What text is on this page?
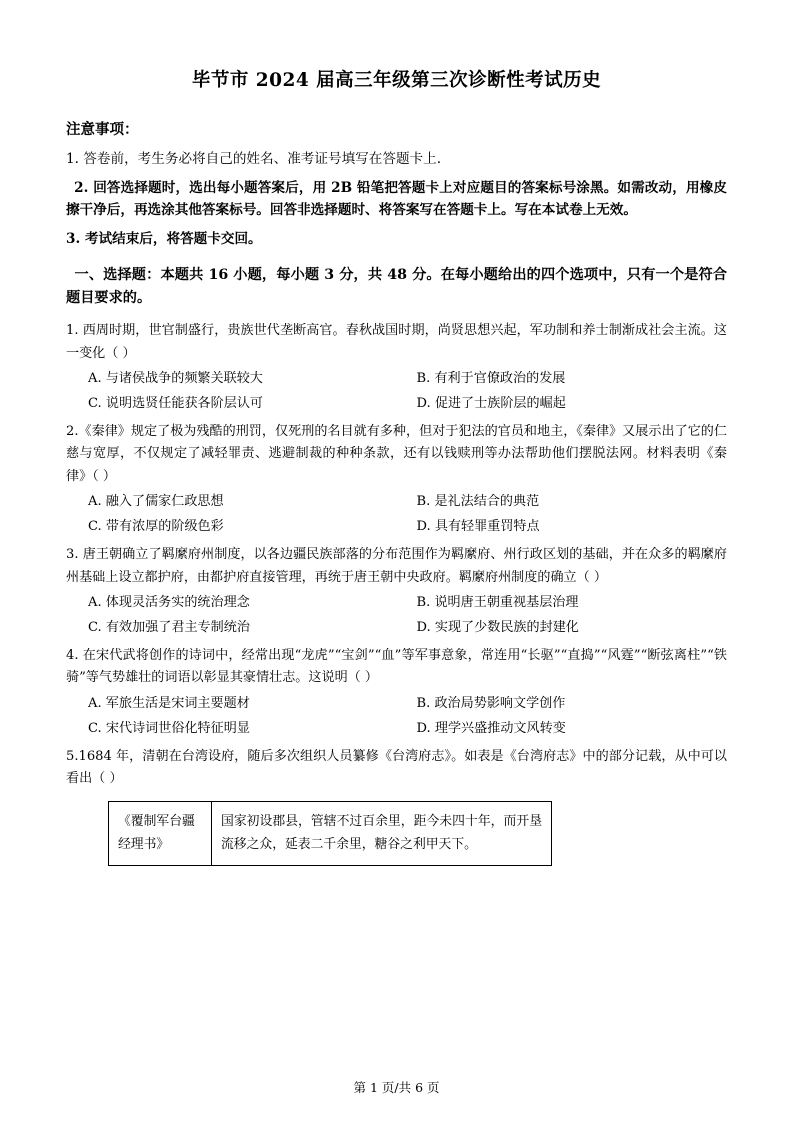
毕节市 2024 届高三年级第三次诊断性考试历史
注意事项：
1. 答卷前，考生务必将自己的姓名、准考证号填写在答题卡上.
2. 回答选择题时，选出每小题答案后，用 2B 铅笔把答题卡上对应题目的答案标号涂黑。如需改动，用橡皮擦干净后，再选涂其他答案标号。回答非选择题时、将答案写在答题卡上。写在本试卷上无效。
3. 考试结束后，将答题卡交回。
一、选择题：本题共 16 小题，每小题 3 分，共 48 分。在每小题给出的四个选项中，只有一个是符合题目要求的。
1. 西周时期，世官制盛行，贵族世代垄断高官。春秋战国时期，尚贤思想兴起，军功制和养士制渐成社会主流。这一变化（ ）
A. 与诸侯战争的频繁关联较大	B. 有利于官僚政治的发展
C. 说明选贤任能获各阶层认可	D. 促进了士族阶层的崛起
2.《秦律》规定了极为残酷的刑罚，仅死刑的名目就有多种，但对于犯法的官员和地主，《秦律》又展示出了它的仁慈与宽厚，不仅规定了减轻罪责、逃避制裁的种种条款，还有以钱赎刑等办法帮助他们摆脱法网。材料表明《秦律》（ ）
A. 融入了儒家仁政思想	B. 是礼法结合的典范
C. 带有浓厚的阶级色彩	D. 具有轻罪重罚特点
3. 唐王朝确立了羁縻府州制度，以各边疆民族部落的分布范围作为羁縻府、州行政区划的基础，并在众多的羁縻府州基础上设立都护府，由都护府直接管理，再统于唐王朝中央政府。羁縻府州制度的确立（ ）
A. 体现灵活务实的统治理念	B. 说明唐王朝重视基层治理
C. 有效加强了君主专制统治	D. 实现了少数民族的封建化
4. 在宋代武将创作的诗词中，经常出现“龙虎”“宝剑”“血”等军事意象，常连用“长驱”“直捣”“风霆”“断弦离柱”“铁骑”等气势雄壮的词语以彰显其豪情壮志。这说明（ ）
A. 军旅生活是宋词主要题材	B. 政治局势影响文学创作
C. 宋代诗词世俗化特征明显	D. 理学兴盛推动文风转变
5.1684 年，清朝在台湾设府，随后多次组织人员纂修《台湾府志》。如表是《台湾府志》中的部分记载，从中可以看出（ ）
《覆制军台疆经理书》	国家初设郡县，管辖不过百余里，距今未四十年，而开垦流移之众，延表二千余里，糖谷之利甲天下。
第 1 页/共 6 页
